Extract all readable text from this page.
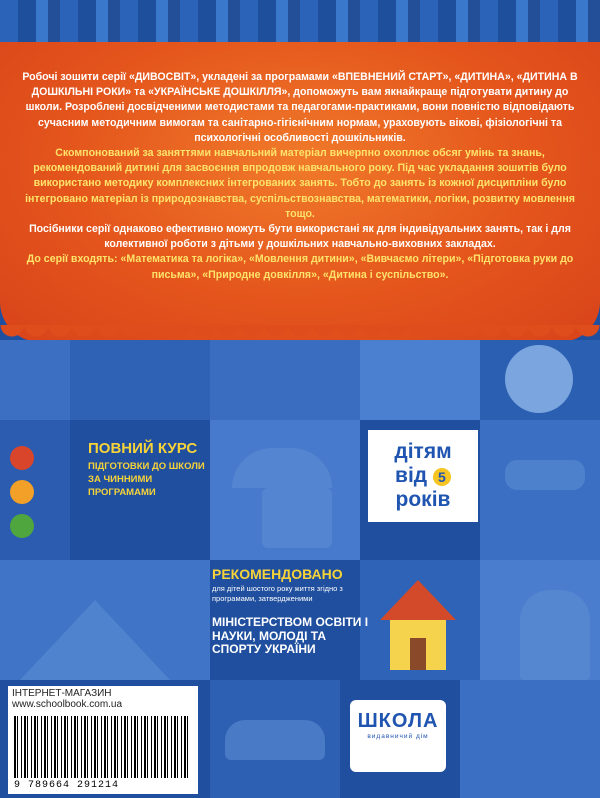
Робочі зошити серії «ДИВОСВІТ», укладені за програмами «ВПЕВНЕНИЙ СТАРТ», «ДИТИНА», «ДИТИНА В ДОШКІЛЬНІ РОКИ» та «УКРАЇНСЬКЕ ДОШКІЛЛЯ», допоможуть вам якнайкраще підготувати дитину до школи. Розроблені досвідченими методистами та педагогами-практиками, вони повністю відповідають сучасним методичним вимогам та санітарно-гігієнічним нормам, ураховують вікові, фізіологічні та психологічні особливості дошкільників.

Скомпонований за заняттями навчальний матеріал вичерпно охоплює обсяг умінь та знань, рекомендований дитині для засвоєння впродовж навчального року. Під час укладання зошитів було використано методику комплексних інтегрованих занять. Тобто до занять із кожної дисципліни було інтегровано матеріал із природознавства, суспільствознавства, математики, логіки, розвитку мовлення тощо.

Посібники серії однаково ефективно можуть бути використані як для індивідуальних занять, так і для колективної роботи з дітьми у дошкільних навчально-виховних закладах.

До серії входять: «Математика та логіка», «Мовлення дитини», «Вивчаємо літери», «Підготовка руки до письма», «Природне довкілля», «Дитина і суспільство».

ПОВНИЙ КУРС
ПІДГОТОВКИ ДО ШКОЛИ ЗА ЧИННИМИ ПРОГРАМАМИ
дітям
від 5
років
РЕКОМЕНДОВАНО
для дітей шостого року життя згідно з програмами, затвердженими
МІНІСТЕРСТВОМ ОСВІТИ І НАУКИ, МОЛОДІ ТА СПОРТУ УКРАЇНИ
ІНТЕРНЕТ-МАГАЗИН
www.schoolbook.com.ua
9 789664 291214
ШКОЛА
видавничий дім
